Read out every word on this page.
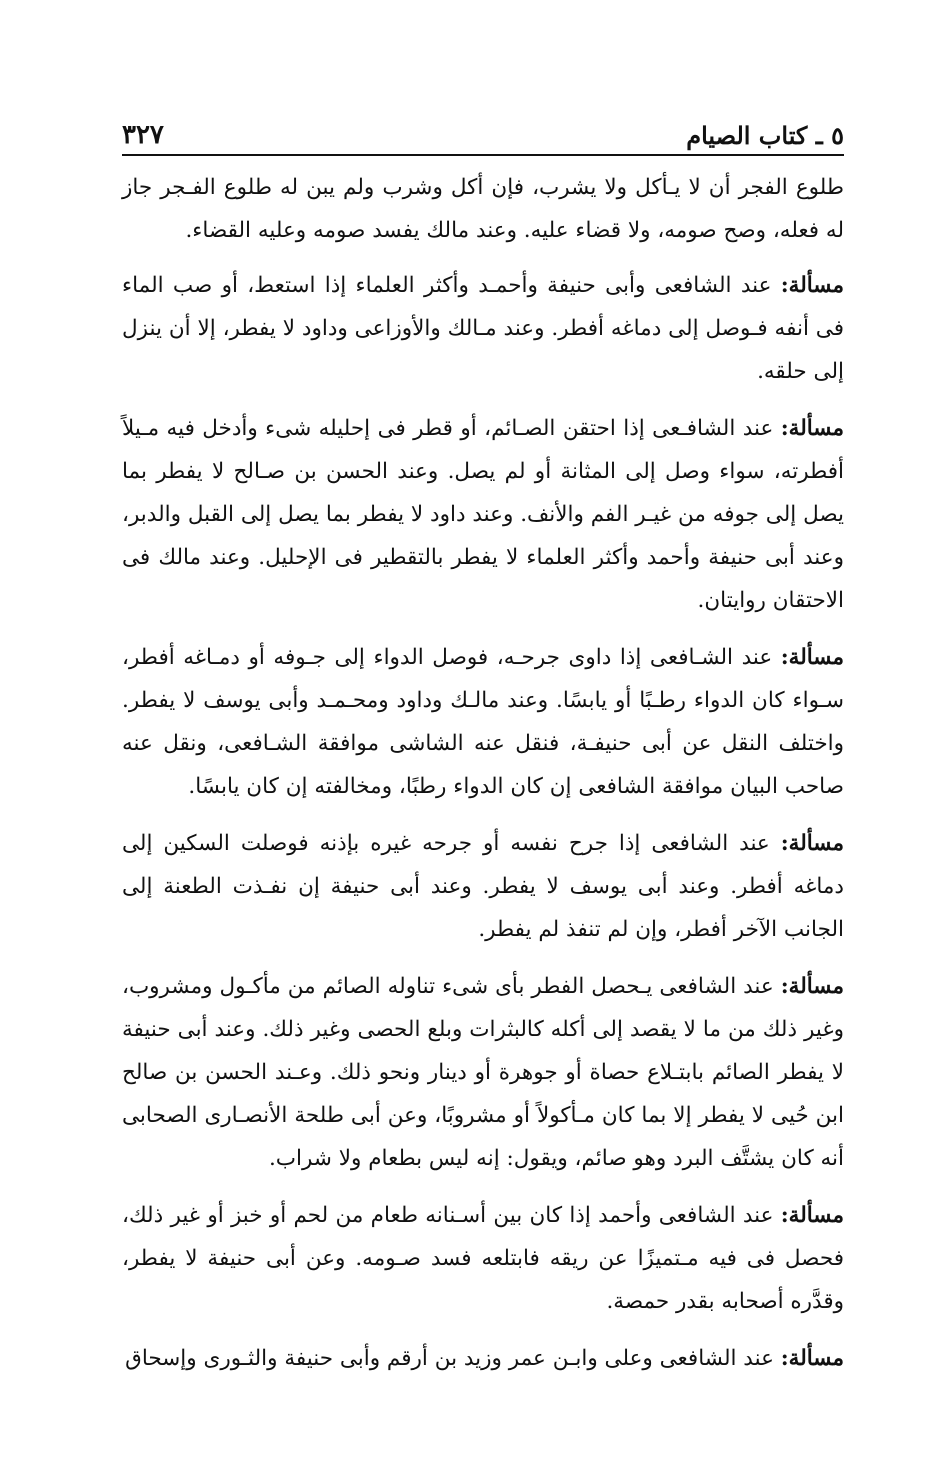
٥ ـ كتاب الصيام
٣٢٧

طلوع الفجر أن لا يـأكل ولا يشرب، فإن أكل وشرب ولم يبن له طلوع الفـجر جاز له فعله، وصح صومه، ولا قضاء عليه. وعند مالك يفسد صومه وعليه القضاء.

مسألة: عند الشافعى وأبى حنيفة وأحمـد وأكثر العلماء إذا استعط، أو صب الماء فى أنفه فـوصل إلى دماغه أفطر. وعند مـالك والأوزاعى وداود لا يفطر، إلا أن ينزل إلى حلقه.

مسألة: عند الشافـعى إذا احتقن الصـائم، أو قطر فى إحليله شىء وأدخل فيه مـيلاً أفطرته، سواء وصل إلى المثانة أو لم يصل. وعند الحسن بن صـالح لا يفطر بما يصل إلى جوفه من غيـر الفم والأنف. وعند داود لا يفطر بما يصل إلى القبل والدبر، وعند أبى حنيفة وأحمد وأكثر العلماء لا يفطر بالتقطير فى الإحليل. وعند مالك فى الاحتقان روايتان.

مسألة: عند الشـافعى إذا داوى جرحـه، فوصل الدواء إلى جـوفه أو دمـاغه أفطر، سـواء كان الدواء رطـبًا أو يابسًا. وعند مالـك وداود ومحـمـد وأبى يوسف لا يفطر. واختلف النقل عن أبى حنيفـة، فنقل عنه الشاشى موافقة الشـافعى، ونقل عنه صاحب البيان موافقة الشافعى إن كان الدواء رطبًا، ومخالفته إن كان يابسًا.

مسألة: عند الشافعى إذا جرح نفسه أو جرحه غيره بإذنه فوصلت السكين إلى دماغه أفطر. وعند أبى يوسف لا يفطر. وعند أبى حنيفة إن نفـذت الطعنة إلى الجانب الآخر أفطر، وإن لم تنفذ لم يفطر.

مسألة: عند الشافعى يـحصل الفطر بأى شىء تناوله الصائم من مأكـول ومشروب، وغير ذلك من ما لا يقصد إلى أكله كالبثرات وبلع الحصى وغير ذلك. وعند أبى حنيفة لا يفطر الصائم بابتـلاع حصاة أو جوهرة أو دينار ونحو ذلك. وعـند الحسن بن صالح ابن حُيى لا يفطر إلا بما كان مـأكولاً أو مشروبًا، وعن أبى طلحة الأنصـارى الصحابى أنه كان يشتَّف البرد وهو صائم، ويقول: إنه ليس بطعام ولا شراب.

مسألة: عند الشافعى وأحمد إذا كان بين أسـنانه طعام من لحم أو خبز أو غير ذلك، فحصل فى فيه مـتميزًا عن ريقه فابتلعه فسد صـومه. وعن أبى حنيفة لا يفطر، وقدَّره أصحابه بقدر حمصة.

مسألة: عند الشافعى وعلى وابـن عمر وزيد بن أرقم وأبى حنيفة والثـورى وإسحاق
